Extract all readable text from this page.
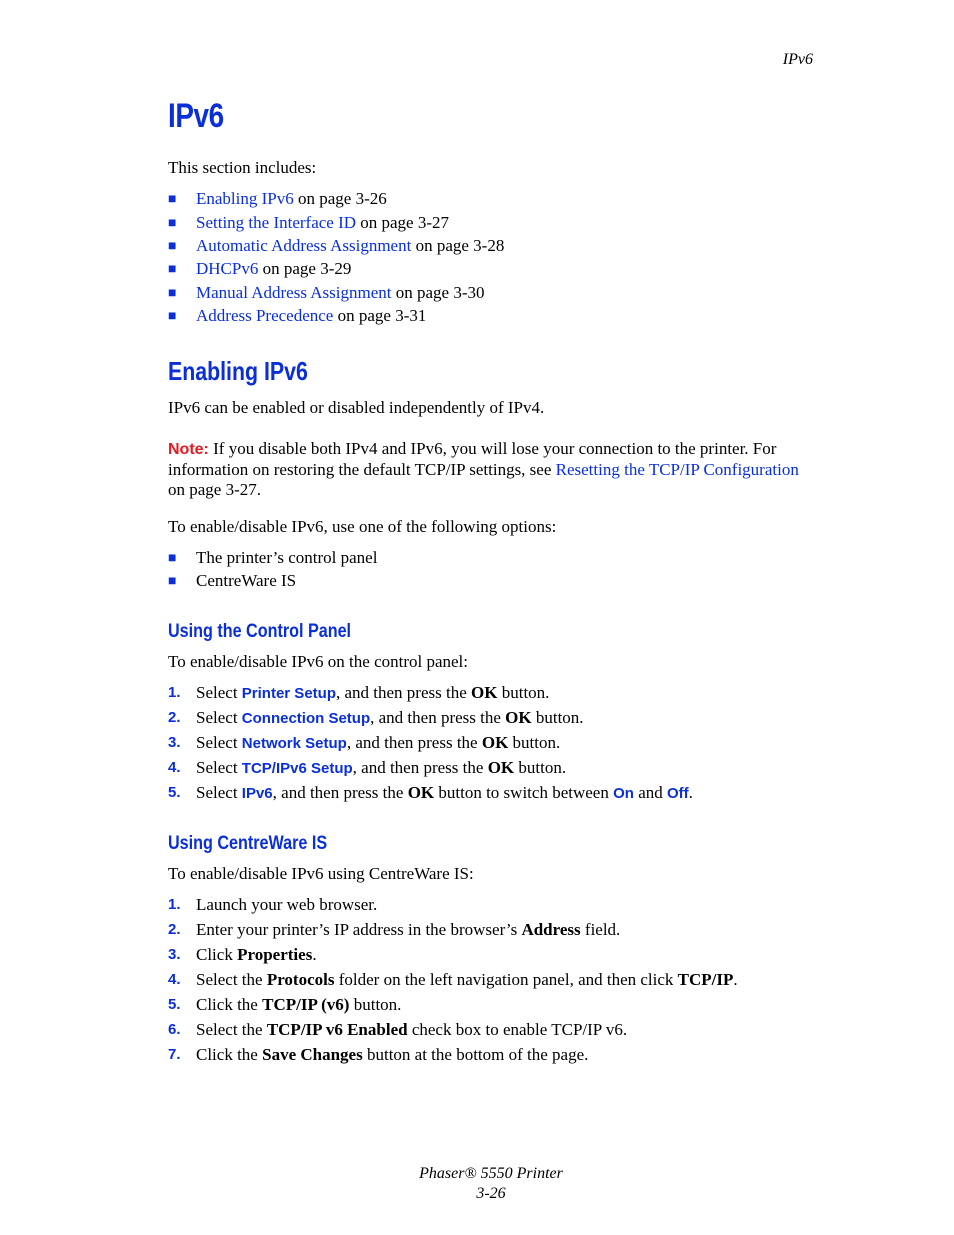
IPv6
IPv6

This section includes:

■ Enabling IPv6 on page 3-26
■ Setting the Interface ID on page 3-27
■ Automatic Address Assignment on page 3-28
■ DHCPv6 on page 3-29
■ Manual Address Assignment on page 3-30
■ Address Precedence on page 3-31
Enabling IPv6

IPv6 can be enabled or disabled independently of IPv4.

Note: If you disable both IPv4 and IPv6, you will lose your connection to the printer. For information on restoring the default TCP/IP settings, see Resetting the TCP/IP Configuration on page 3-27.

To enable/disable IPv6, use one of the following options:

■ The printer’s control panel
■ CentreWare IS
Using the Control Panel

To enable/disable IPv6 on the control panel:

1. Select Printer Setup, and then press the OK button.
2. Select Connection Setup, and then press the OK button.
3. Select Network Setup, and then press the OK button.
4. Select TCP/IPv6 Setup, and then press the OK button.
5. Select IPv6, and then press the OK button to switch between On and Off.
Using CentreWare IS

To enable/disable IPv6 using CentreWare IS:

1. Launch your web browser.
2. Enter your printer’s IP address in the browser’s Address field.
3. Click Properties.
4. Select the Protocols folder on the left navigation panel, and then click TCP/IP.
5. Click the TCP/IP (v6) button.
6. Select the TCP/IP v6 Enabled check box to enable TCP/IP v6.
7. Click the Save Changes button at the bottom of the page.
Phaser® 5550 Printer
3-26
